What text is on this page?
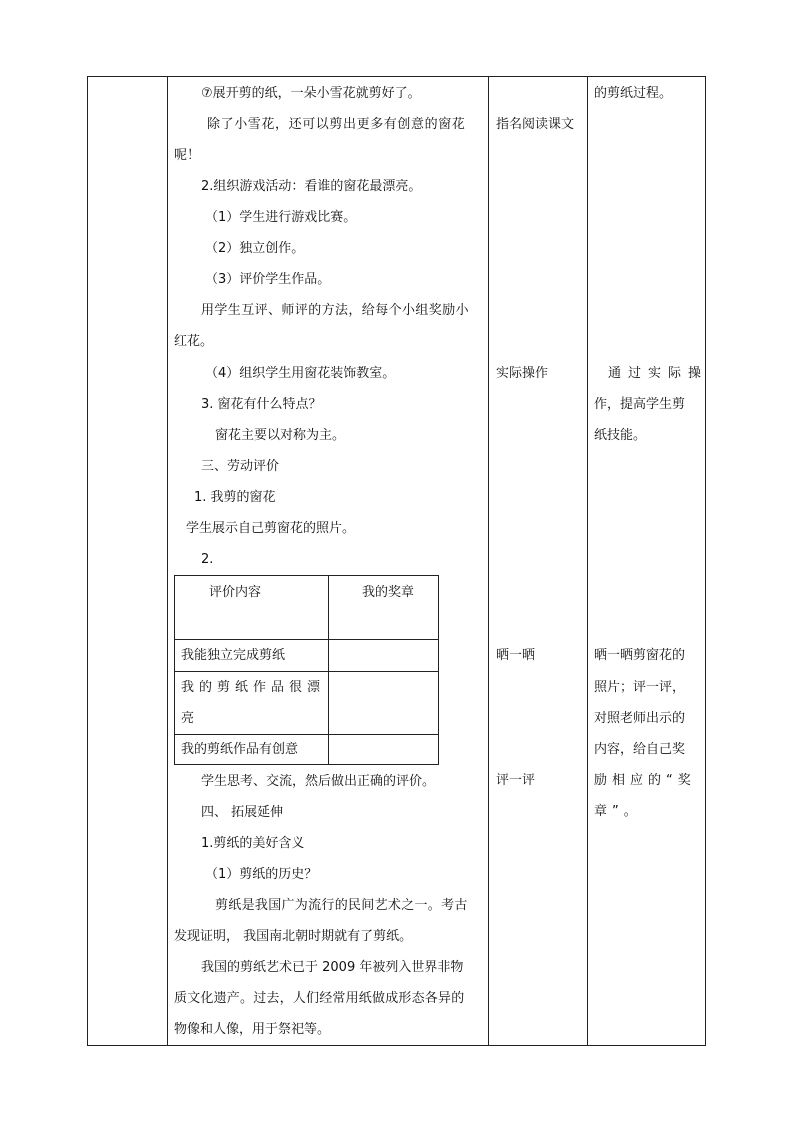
⑦展开剪的纸，一朵小雪花就剪好了。
除了小雪花，还可以剪出更多有创意的窗花
呢！
2.组织游戏活动：看谁的窗花最漂亮。
（1）学生进行游戏比赛。
（2）独立创作。
（3）评价学生作品。
用学生互评、师评的方法，给每个小组奖励小
红花。
（4）组织学生用窗花装饰教室。
3. 窗花有什么特点？
窗花主要以对称为主。
三、劳动评价
1. 我剪的窗花
学生展示自己剪窗花的照片。
2.
评价内容	我的奖章
我能独立完成剪纸
我的剪纸作品很漂
亮
我的剪纸作品有创意
学生思考、交流，然后做出正确的评价。
四、 拓展延伸
1.剪纸的美好含义
（1）剪纸的历史？
剪纸是我国广为流行的民间艺术之一。考古
发现证明， 我国南北朝时期就有了剪纸。
我国的剪纸艺术已于 2009 年被列入世界非物
质文化遗产。过去，人们经常用纸做成形态各异的
物像和人像，用于祭祀等。
指名阅读课文
实际操作
晒一晒
评一评
的剪纸过程。
通过实际操
作，提高学生剪
纸技能。
晒一晒剪窗花的
照片；评一评，
对照老师出示的
内容，给自己奖
励相应的“奖
章”。
